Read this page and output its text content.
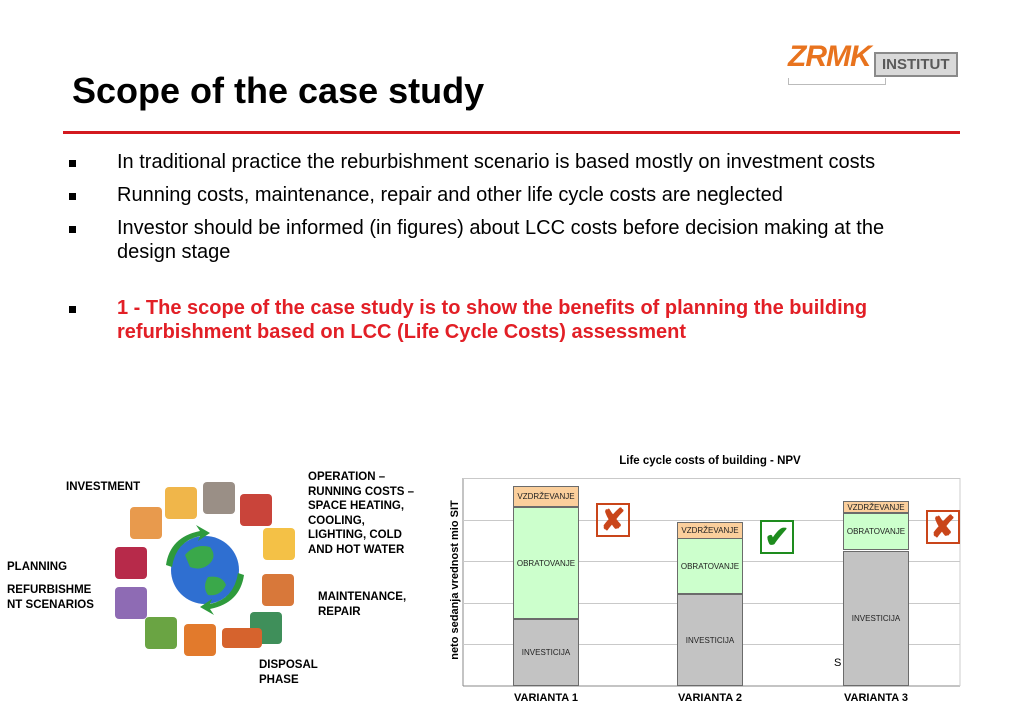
Scope of the case study
ZRMK INSTITUT
In traditional practice the reburbishment scenario is based mostly on investment costs
Running costs, maintenance, repair and other life cycle costs are neglected
Investor should be informed (in figures) about LCC costs before decision making at the design stage
1 - The scope of the case study is to show the benefits of planning the building refurbishment based on LCC (Life Cycle Costs) assessment
INVESTMENT
OPERATION – RUNNING COSTS – SPACE HEATING, COOLING, LIGHTING, COLD AND HOT WATER
PLANNING
REFURBISHME NT SCENARIOS
MAINTENANCE, REPAIR
DISPOSAL PHASE
Life cycle costs of building - NPV
neto sedanja vrednost mio SIT	INVESTICIJA
OBRATOVANJE
VZDRŽEVANJE
INVESTICIJA
OBRATOVANJE
VZDRŽEVANJE
INVESTICIJA
OBRATOVANJE
VZDRŽEVANJE
VARIANTA 1	VARIANTA 2	VARIANTA 3
✘
✔	✘
S
